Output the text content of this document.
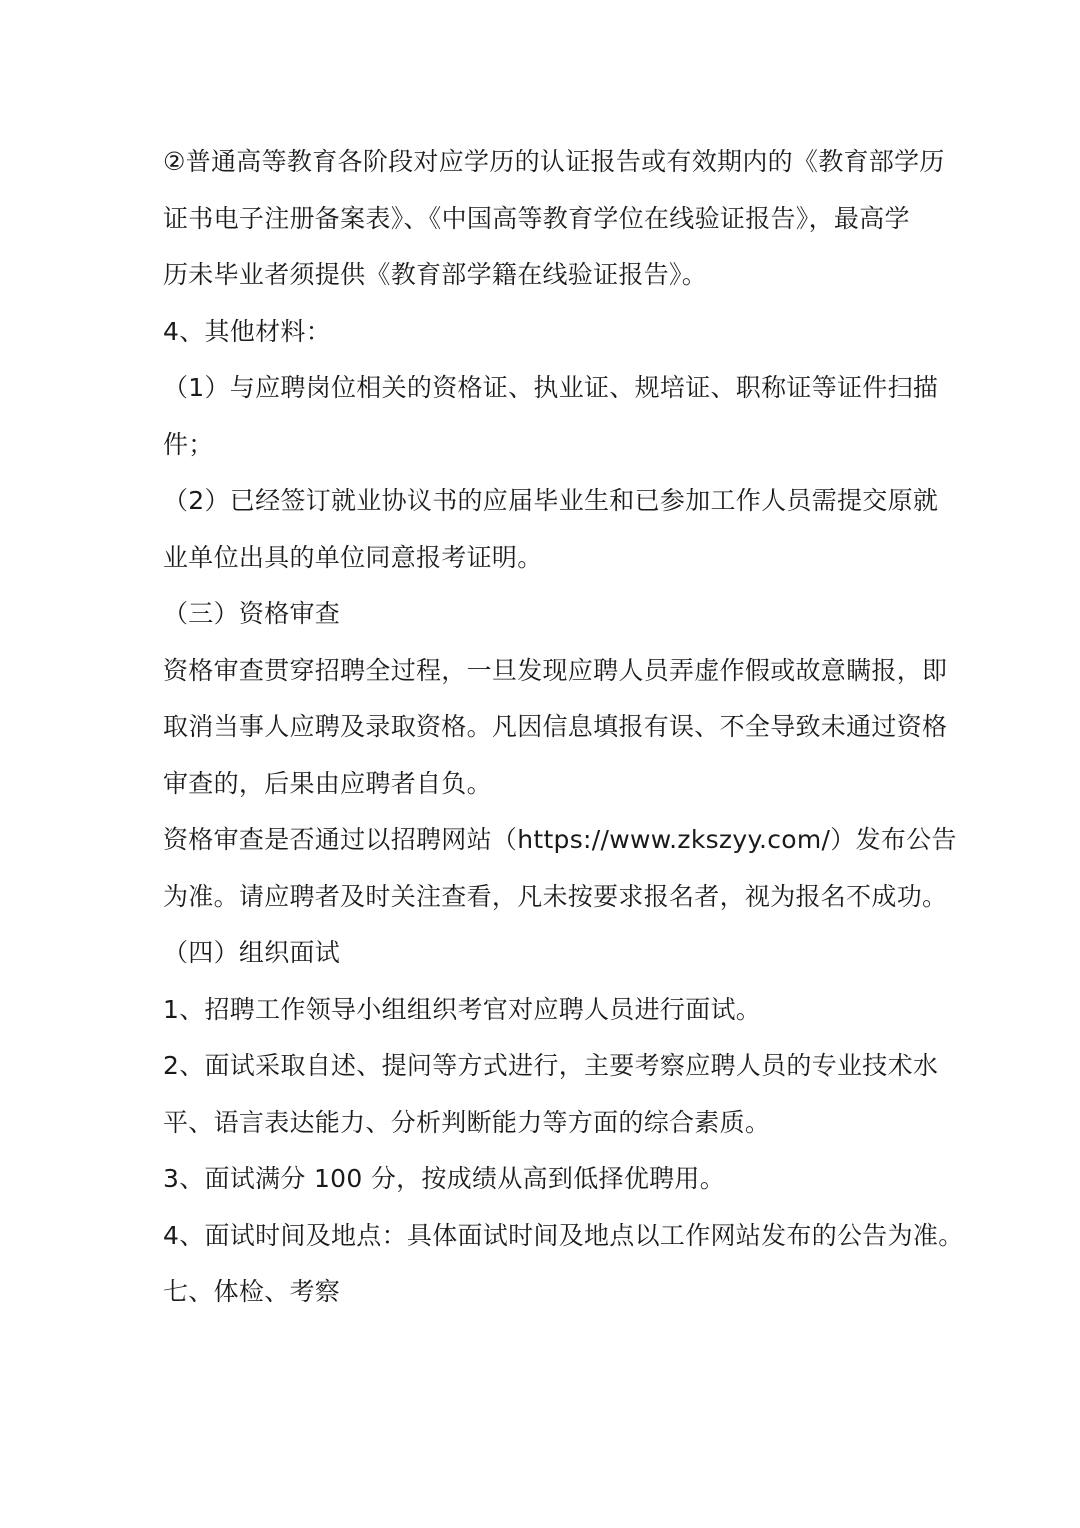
②普通高等教育各阶段对应学历的认证报告或有效期内的《教育部学历
证书电子注册备案表》、《中国高等教育学位在线验证报告》，最高学
历未毕业者须提供《教育部学籍在线验证报告》。
4、其他材料：
（1）与应聘岗位相关的资格证、执业证、规培证、职称证等证件扫描
件；
（2）已经签订就业协议书的应届毕业生和已参加工作人员需提交原就
业单位出具的单位同意报考证明。
（三）资格审查
资格审查贯穿招聘全过程，一旦发现应聘人员弄虚作假或故意瞒报，即
取消当事人应聘及录取资格。凡因信息填报有误、不全导致未通过资格
审查的，后果由应聘者自负。
资格审查是否通过以招聘网站（https://www.zkszyy.com/）发布公告
为准。请应聘者及时关注查看，凡未按要求报名者，视为报名不成功。
（四）组织面试
1、招聘工作领导小组组织考官对应聘人员进行面试。
2、面试采取自述、提问等方式进行，主要考察应聘人员的专业技术水
平、语言表达能力、分析判断能力等方面的综合素质。
3、面试满分 100 分，按成绩从高到低择优聘用。
4、面试时间及地点：具体面试时间及地点以工作网站发布的公告为准。
七、体检、考察
